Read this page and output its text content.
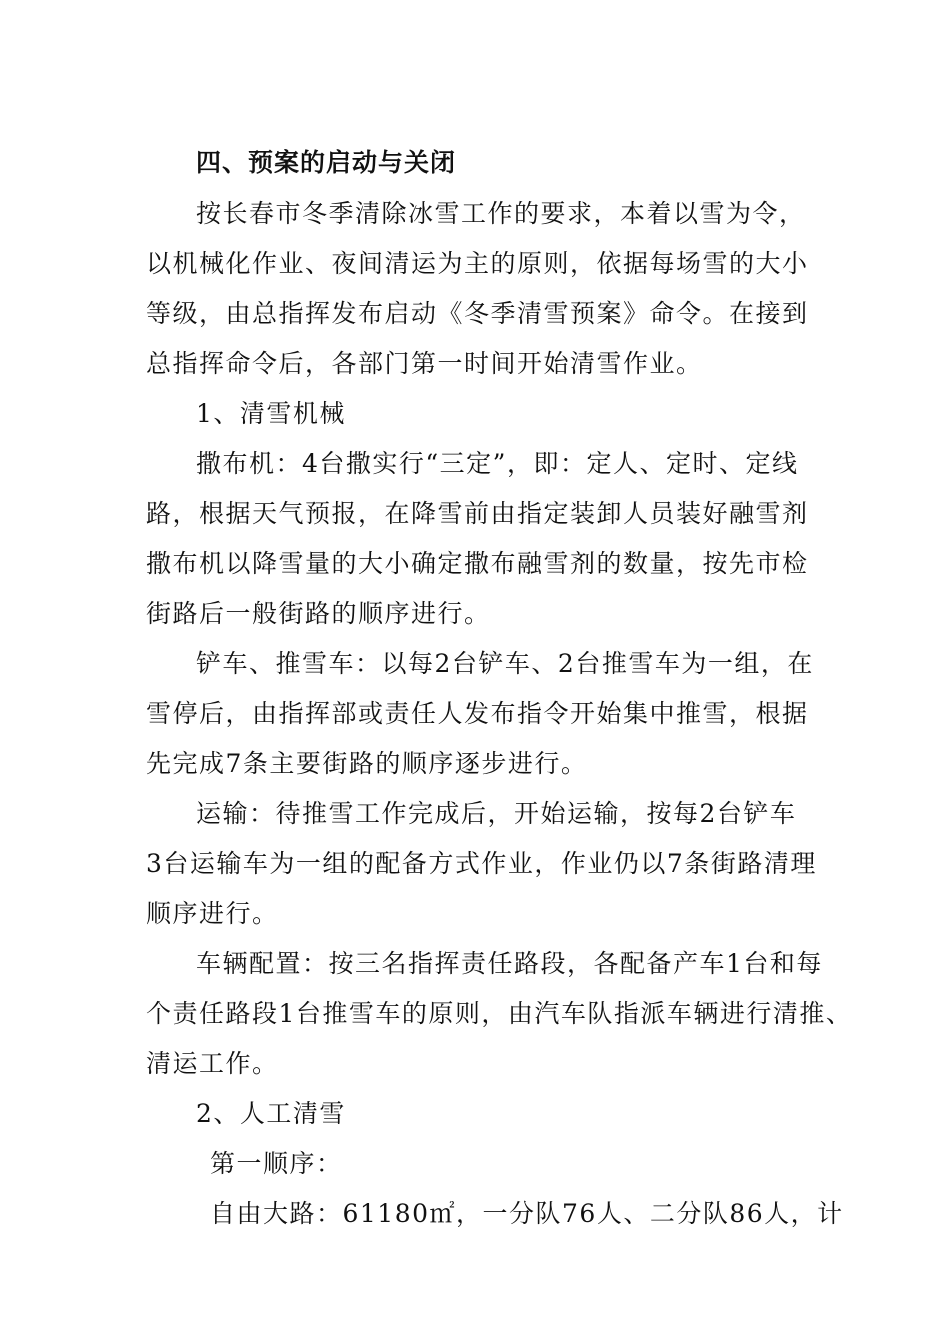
四、预案的启动与关闭
按长春市冬季清除冰雪工作的要求，本着以雪为令，
以机械化作业、夜间清运为主的原则，依据每场雪的大小
等级，由总指挥发布启动《冬季清雪预案》命令。在接到
总指挥命令后，各部门第一时间开始清雪作业。
1、清雪机械
撒布机：4台撒实行“三定”，即：定人、定时、定线
路，根据天气预报，在降雪前由指定装卸人员装好融雪剂
撒布机以降雪量的大小确定撒布融雪剂的数量，按先市检
街路后一般街路的顺序进行。
铲车、推雪车：以每2台铲车、2台推雪车为一组，在
雪停后，由指挥部或责任人发布指令开始集中推雪，根据
先完成7条主要街路的顺序逐步进行。
运输：待推雪工作完成后，开始运输，按每2台铲车
3台运输车为一组的配备方式作业，作业仍以7条街路清理
顺序进行。
车辆配置：按三名指挥责任路段，各配备产车1台和每
个责任路段1台推雪车的原则，由汽车队指派车辆进行清推、
清运工作。
2、人工清雪
第一顺序：
自由大路：61180㎡，一分队76人、二分队86人，计
